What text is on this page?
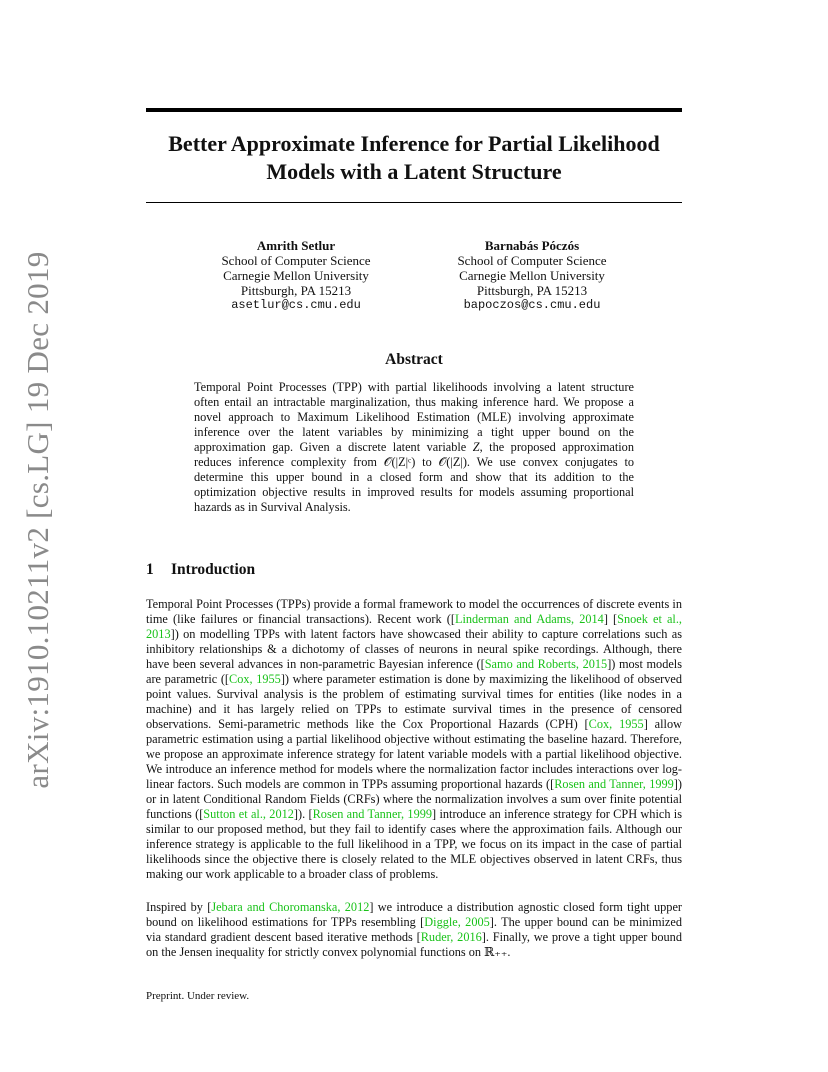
arXiv:1910.10211v2 [cs.LG] 19 Dec 2019
Better Approximate Inference for Partial Likelihood
Models with a Latent Structure
Amrith Setlur
School of Computer Science
Carnegie Mellon University
Pittsburgh, PA 15213
asetlur@cs.cmu.edu
Barnabás Póczós
School of Computer Science
Carnegie Mellon University
Pittsburgh, PA 15213
bapoczos@cs.cmu.edu
Abstract
Temporal Point Processes (TPP) with partial likelihoods involving a latent structure often entail an intractable marginalization, thus making inference hard. We propose a novel approach to Maximum Likelihood Estimation (MLE) involving approximate inference over the latent variables by minimizing a tight upper bound on the approximation gap. Given a discrete latent variable Z, the proposed approximation reduces inference complexity from 𝒪(|Z|ᶜ) to 𝒪(|Z|). We use convex conjugates to determine this upper bound in a closed form and show that its addition to the optimization objective results in improved results for models assuming proportional hazards as in Survival Analysis.
1 Introduction
Temporal Point Processes (TPPs) provide a formal framework to model the occurrences of discrete events in time (like failures or financial transactions). Recent work ([Linderman and Adams, 2014] [Snoek et al., 2013]) on modelling TPPs with latent factors have showcased their ability to capture correlations such as inhibitory relationships & a dichotomy of classes of neurons in neural spike recordings. Although, there have been several advances in non-parametric Bayesian inference ([Samo and Roberts, 2015]) most models are parametric ([Cox, 1955]) where parameter estimation is done by maximizing the likelihood of observed point values. Survival analysis is the problem of estimating survival times for entities (like nodes in a machine) and it has largely relied on TPPs to estimate survival times in the presence of censored observations. Semi-parametric methods like the Cox Proportional Hazards (CPH) [Cox, 1955] allow parametric estimation using a partial likelihood objective without estimating the baseline hazard. Therefore, we propose an approximate inference strategy for latent variable models with a partial likelihood objective. We introduce an inference method for models where the normalization factor includes interactions over log-linear factors. Such models are common in TPPs assuming proportional hazards ([Rosen and Tanner, 1999]) or in latent Conditional Random Fields (CRFs) where the normalization involves a sum over finite potential functions ([Sutton et al., 2012]). [Rosen and Tanner, 1999] introduce an inference strategy for CPH which is similar to our proposed method, but they fail to identify cases where the approximation fails. Although our inference strategy is applicable to the full likelihood in a TPP, we focus on its impact in the case of partial likelihoods since the objective there is closely related to the MLE objectives observed in latent CRFs, thus making our work applicable to a broader class of problems.
Inspired by [Jebara and Choromanska, 2012] we introduce a distribution agnostic closed form tight upper bound on likelihood estimations for TPPs resembling [Diggle, 2005]. The upper bound can be minimized via standard gradient descent based iterative methods [Ruder, 2016]. Finally, we prove a tight upper bound on the Jensen inequality for strictly convex polynomial functions on ℝ₊₊.
Preprint. Under review.
